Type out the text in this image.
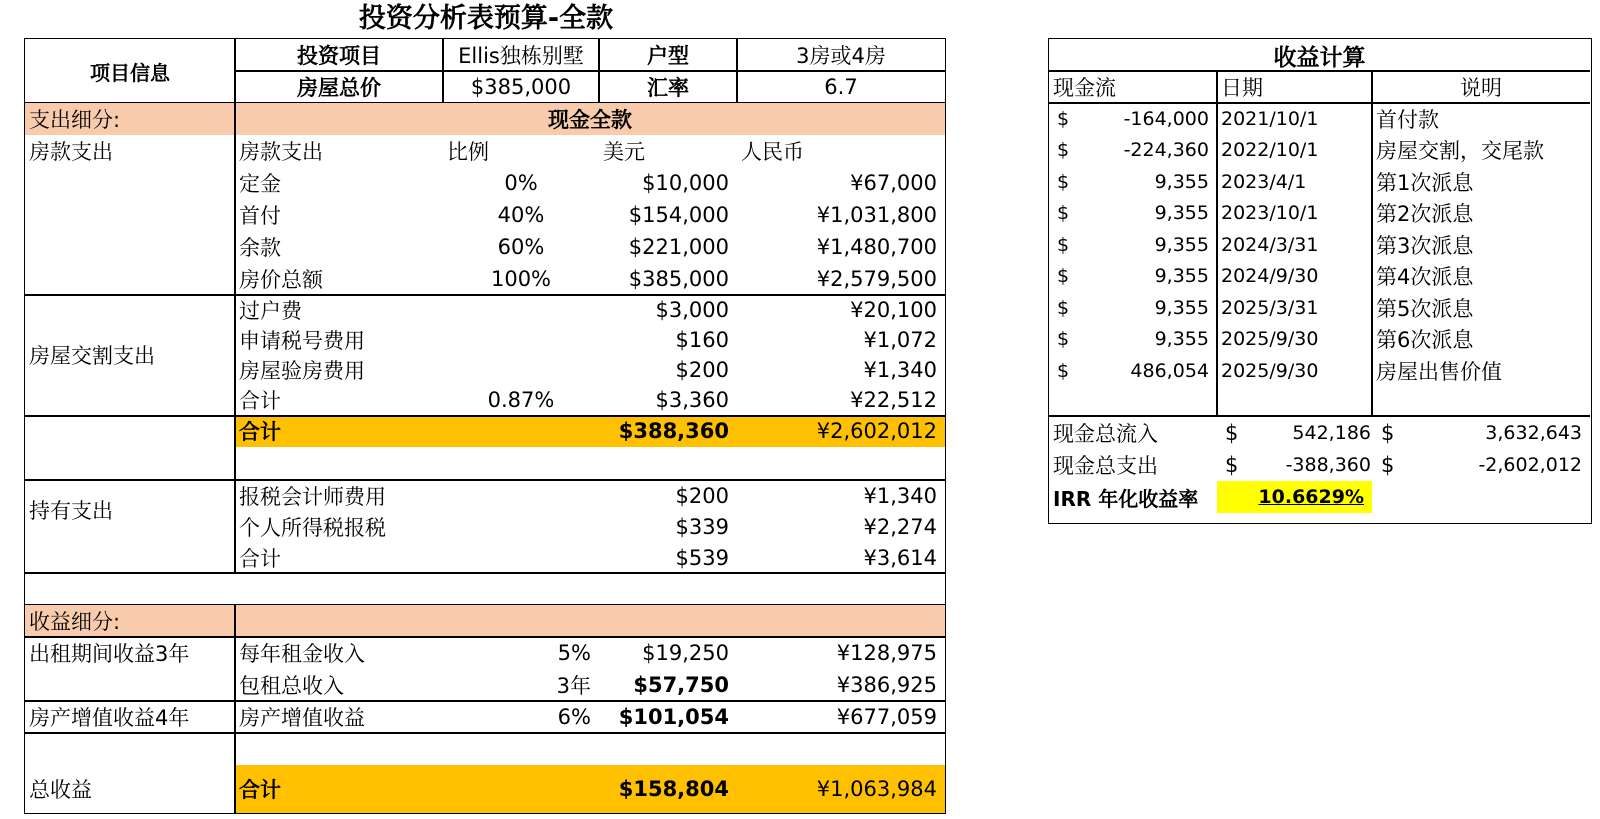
投资分析表预算-全款
项目信息
投资项目	Ellis独栋别墅	户型	3房或4房
房屋总价	$385,000	汇率	6.7
支出细分:	现金全款
房款支出	房款支出	比例	美元	人民币
定金	0%	$10,000	¥67,000
首付	40%	$154,000	¥1,031,800
余款	60%	$221,000	¥1,480,700
房价总额	100%	$385,000	¥2,579,500
房屋交割支出
过户费	$3,000	¥20,100
申请税号费用	$160	¥1,072
房屋验房费用	$200	¥1,340
合计	0.87%	$3,360	¥22,512
合计	$388,360	¥2,602,012
持有支出
报税会计师费用	$200	¥1,340
个人所得税报税	$339	¥2,274
合计	$539	¥3,614
收益细分:
出租期间收益3年	每年租金收入	5%	$19,250	¥128,975
包租总收入	3年	$57,750	¥386,925
房产增值收益4年	房产增值收益	6%	$101,054	¥677,059
总收益	合计	$158,804	¥1,063,984
收益计算
现金流	日期	说明
$	-164,000 2021/10/1	首付款
$	-224,360 2022/10/1	房屋交割，交尾款
$	9,355 2023/4/1	第1次派息
$	9,355 2023/10/1	第2次派息
$	9,355 2024/3/31	第3次派息
$	9,355 2024/9/30	第4次派息
$	9,355 2025/3/31	第5次派息
$	9,355 2025/9/30	第6次派息
$	486,054 2025/9/30	房屋出售价值
现金总流入	$	542,186 $	3,632,643
现金总支出	$	-388,360 $	-2,602,012
IRR 年化收益率	10.6629%
